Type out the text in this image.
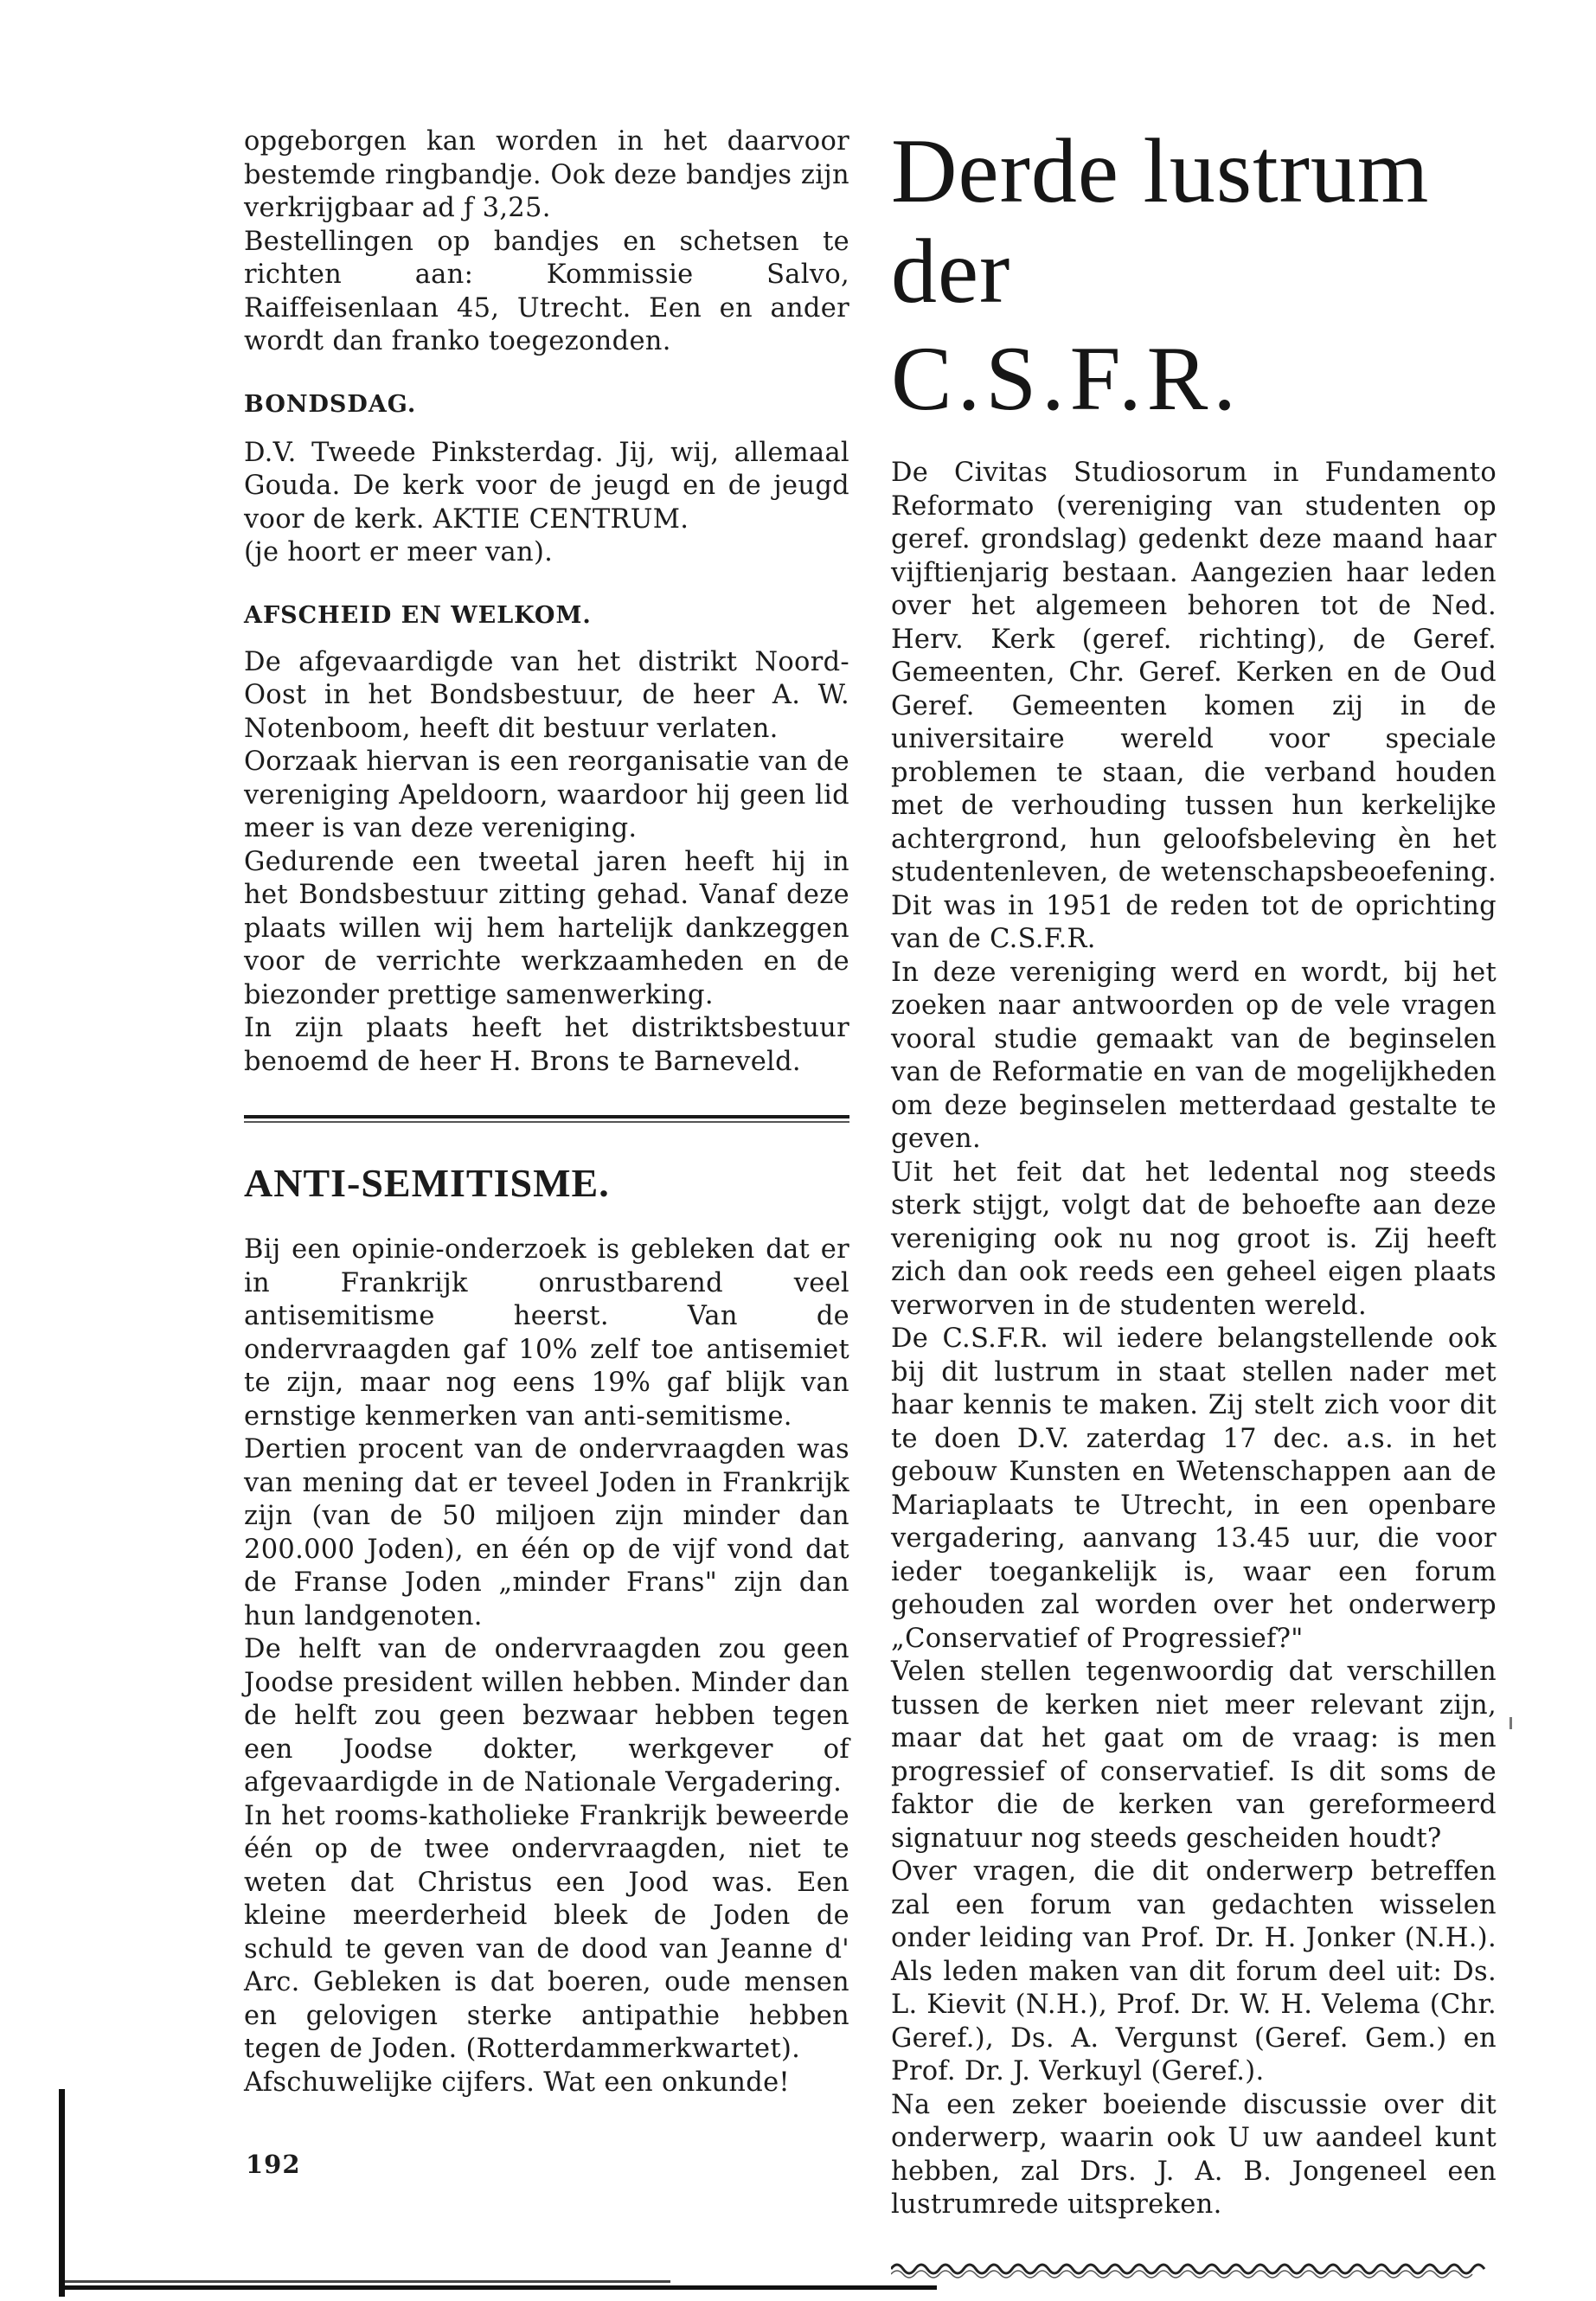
opgeborgen kan worden in het daarvoor bestemde ringbandje. Ook deze bandjes zijn verkrijgbaar ad ƒ 3,25.

Bestellingen op bandjes en schetsen te richten aan: Kommissie Salvo, Raiffeisenlaan 45, Utrecht. Een en ander wordt dan franko toegezonden.

BONDSDAG.

D.V. Tweede Pinksterdag. Jij, wij, allemaal Gouda. De kerk voor de jeugd en de jeugd voor de kerk. AKTIE CENTRUM.

(je hoort er meer van).

AFSCHEID EN WELKOM.

De afgevaardigde van het distrikt Noord-Oost in het Bondsbestuur, de heer A. W. Notenboom, heeft dit bestuur verlaten.

Oorzaak hiervan is een reorganisatie van de vereniging Apeldoorn, waardoor hij geen lid meer is van deze vereniging.

Gedurende een tweetal jaren heeft hij in het Bondsbestuur zitting gehad. Vanaf deze plaats willen wij hem hartelijk dankzeggen voor de verrichte werkzaamheden en de biezonder prettige samenwerking.

In zijn plaats heeft het distriktsbestuur benoemd de heer H. Brons te Barneveld.

ANTI-SEMITISME.

Bij een opinie-onderzoek is gebleken dat er in Frankrijk onrustbarend veel antisemitisme heerst. Van de ondervraagden gaf 10% zelf toe antisemiet te zijn, maar nog eens 19% gaf blijk van ernstige kenmerken van anti-semitisme.

Dertien procent van de ondervraagden was van mening dat er teveel Joden in Frankrijk zijn (van de 50 miljoen zijn minder dan 200.000 Joden), en één op de vijf vond dat de Franse Joden „minder Frans" zijn dan hun landgenoten.

De helft van de ondervraagden zou geen Joodse president willen hebben. Minder dan de helft zou geen bezwaar hebben tegen een Joodse dokter, werkgever of afgevaardigde in de Nationale Vergadering.

In het rooms-katholieke Frankrijk beweerde één op de twee ondervraagden, niet te weten dat Christus een Jood was. Een kleine meerderheid bleek de Joden de schuld te geven van de dood van Jeanne d' Arc. Gebleken is dat boeren, oude mensen en gelovigen sterke antipathie hebben tegen de Joden. (Rotterdammerkwartet).

Afschuwelijke cijfers. Wat een onkunde!

Derde lustrum der
C.S.F.R.

De Civitas Studiosorum in Fundamento Reformato (vereniging van studenten op geref. grondslag) gedenkt deze maand haar vijftienjarig bestaan. Aangezien haar leden over het algemeen behoren tot de Ned. Herv. Kerk (geref. richting), de Geref. Gemeenten, Chr. Geref. Kerken en de Oud Geref. Gemeenten komen zij in de universitaire wereld voor speciale problemen te staan, die verband houden met de verhouding tussen hun kerkelijke achtergrond, hun geloofsbeleving èn het studentenleven, de wetenschapsbeoefening. Dit was in 1951 de reden tot de oprichting van de C.S.F.R.

In deze vereniging werd en wordt, bij het zoeken naar antwoorden op de vele vragen vooral studie gemaakt van de beginselen van de Reformatie en van de mogelijkheden om deze beginselen metterdaad gestalte te geven.

Uit het feit dat het ledental nog steeds sterk stijgt, volgt dat de behoefte aan deze vereniging ook nu nog groot is. Zij heeft zich dan ook reeds een geheel eigen plaats verworven in de studenten wereld.

De C.S.F.R. wil iedere belangstellende ook bij dit lustrum in staat stellen nader met haar kennis te maken. Zij stelt zich voor dit te doen D.V. zaterdag 17 dec. a.s. in het gebouw Kunsten en Wetenschappen aan de Mariaplaats te Utrecht, in een openbare vergadering, aanvang 13.45 uur, die voor ieder toegankelijk is, waar een forum gehouden zal worden over het onderwerp „Conservatief of Progressief?"

Velen stellen tegenwoordig dat verschillen tussen de kerken niet meer relevant zijn, maar dat het gaat om de vraag: is men progressief of conservatief. Is dit soms de faktor die de kerken van gereformeerd signatuur nog steeds gescheiden houdt?

Over vragen, die dit onderwerp betreffen zal een forum van gedachten wisselen onder leiding van Prof. Dr. H. Jonker (N.H.). Als leden maken van dit forum deel uit: Ds. L. Kievit (N.H.), Prof. Dr. W. H. Velema (Chr. Geref.), Ds. A. Vergunst (Geref. Gem.) en Prof. Dr. J. Verkuyl (Geref.).

Na een zeker boeiende discussie over dit onderwerp, waarin ook U uw aandeel kunt hebben, zal Drs. J. A. B. Jongeneel een lustrumrede uitspreken.

192
